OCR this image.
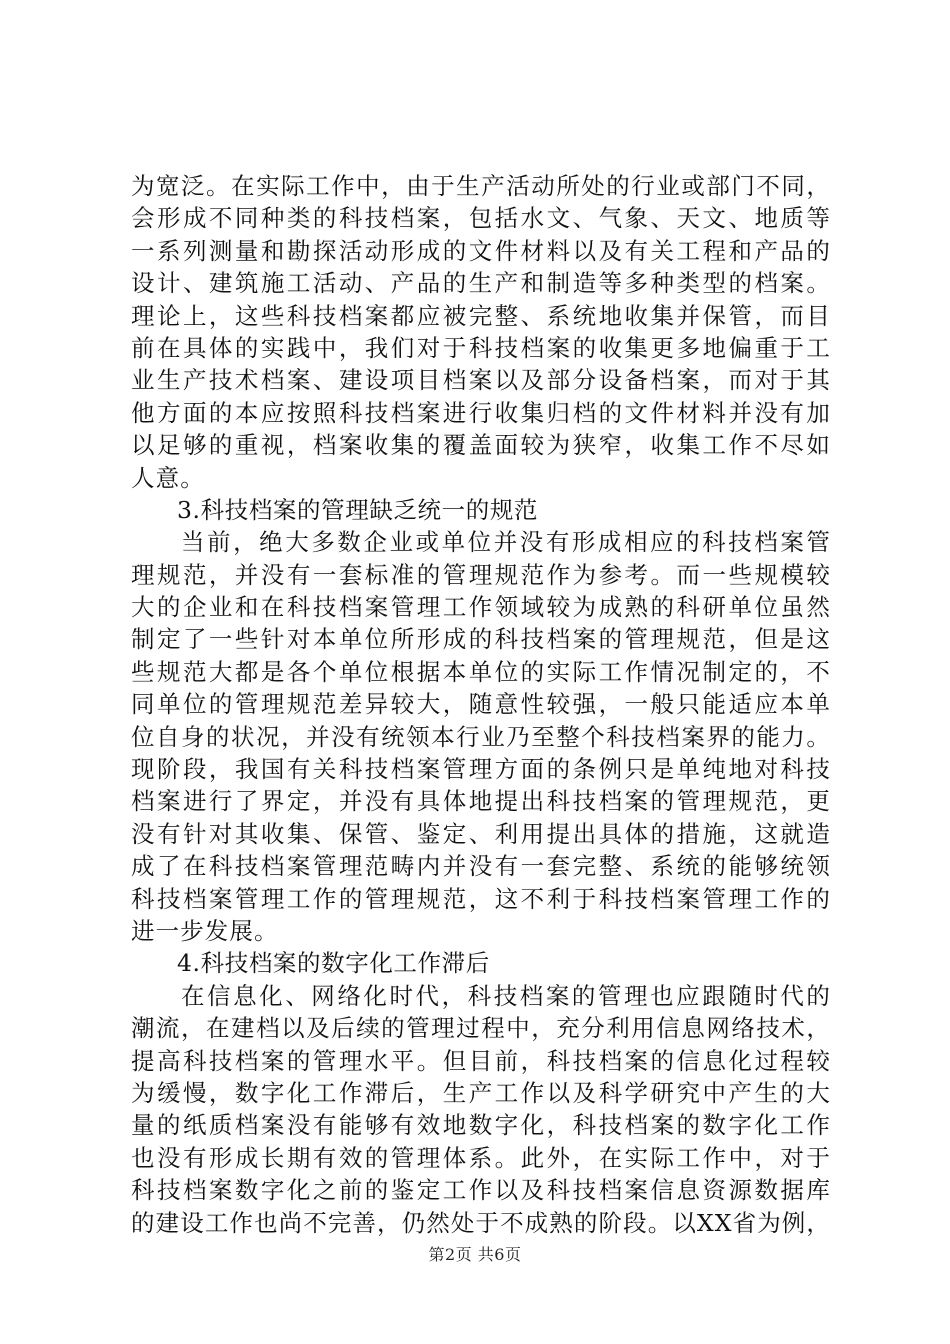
为宽泛。在实际工作中，由于生产活动所处的行业或部门不同，
会形成不同种类的科技档案，包括水文、气象、天文、地质等
一系列测量和勘探活动形成的文件材料以及有关工程和产品的
设计、建筑施工活动、产品的生产和制造等多种类型的档案。
理论上，这些科技档案都应被完整、系统地收集并保管，而目
前在具体的实践中，我们对于科技档案的收集更多地偏重于工
业生产技术档案、建设项目档案以及部分设备档案，而对于其
他方面的本应按照科技档案进行收集归档的文件材料并没有加
以足够的重视，档案收集的覆盖面较为狭窄，收集工作不尽如
人意。
3.科技档案的管理缺乏统一的规范
当前，绝大多数企业或单位并没有形成相应的科技档案管
理规范，并没有一套标准的管理规范作为参考。而一些规模较
大的企业和在科技档案管理工作领域较为成熟的科研单位虽然
制定了一些针对本单位所形成的科技档案的管理规范，但是这
些规范大都是各个单位根据本单位的实际工作情况制定的，不
同单位的管理规范差异较大，随意性较强，一般只能适应本单
位自身的状况，并没有统领本行业乃至整个科技档案界的能力。
现阶段，我国有关科技档案管理方面的条例只是单纯地对科技
档案进行了界定，并没有具体地提出科技档案的管理规范，更
没有针对其收集、保管、鉴定、利用提出具体的措施，这就造
成了在科技档案管理范畴内并没有一套完整、系统的能够统领
科技档案管理工作的管理规范，这不利于科技档案管理工作的
进一步发展。
4.科技档案的数字化工作滞后
在信息化、网络化时代，科技档案的管理也应跟随时代的
潮流，在建档以及后续的管理过程中，充分利用信息网络技术，
提高科技档案的管理水平。但目前，科技档案的信息化过程较
为缓慢，数字化工作滞后，生产工作以及科学研究中产生的大
量的纸质档案没有能够有效地数字化，科技档案的数字化工作
也没有形成长期有效的管理体系。此外，在实际工作中，对于
科技档案数字化之前的鉴定工作以及科技档案信息资源数据库
的建设工作也尚不完善，仍然处于不成熟的阶段。以XX省为例，
第2页 共6页
